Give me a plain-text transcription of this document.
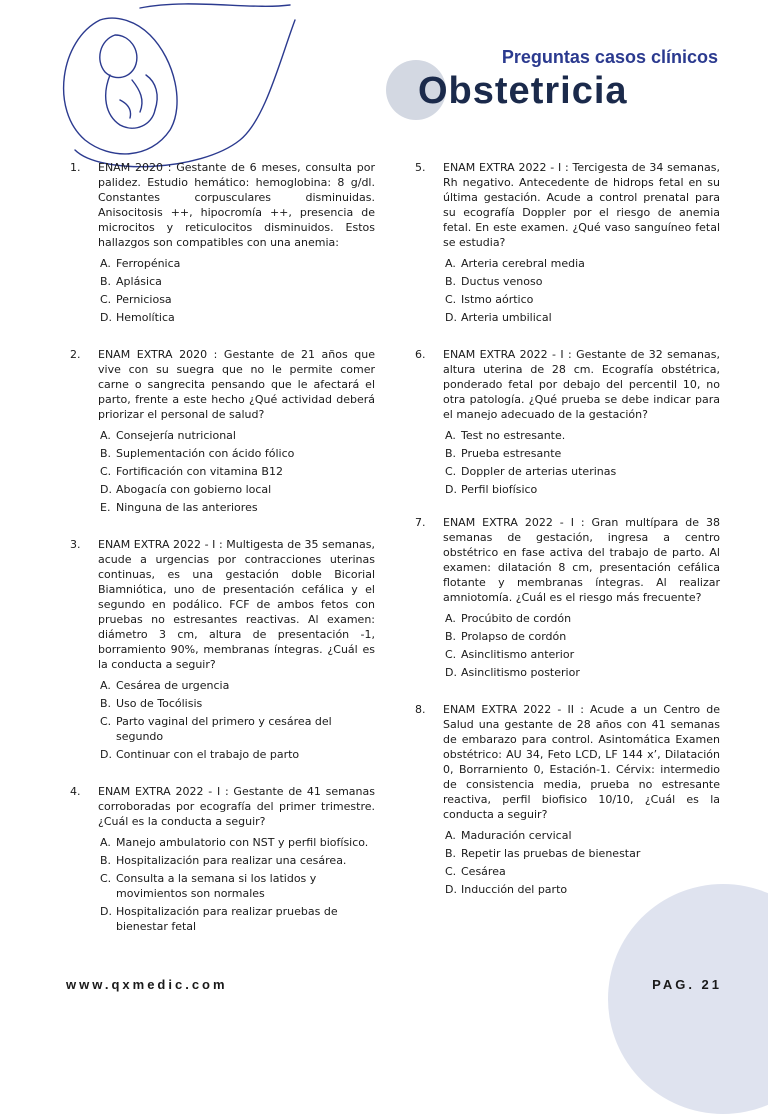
Preguntas casos clínicos
Obstetricia
1. ENAM 2020 : Gestante de 6 meses, consulta por palidez. Estudio hemático: hemoglobina: 8 g/dl. Constantes corpusculares disminuidas. Anisocitosis ++, hipocromía ++, presencia de microcitos y reticulocitos disminuidos. Estos hallazgos son compatibles con una anemia:
A. Ferropénica
B. Aplásica
C. Perniciosa
D. Hemolítica
2. ENAM EXTRA 2020 : Gestante de 21 años que vive con su suegra que no le permite comer carne o sangrecita pensando que le afectará el parto, frente a este hecho ¿Qué actividad deberá priorizar el personal de salud?
A. Consejería nutricional
B. Suplementación con ácido fólico
C. Fortificación con vitamina B12
D. Abogacía con gobierno local
E. Ninguna de las anteriores
3. ENAM EXTRA 2022 - I : Multigesta de 35 semanas, acude a urgencias por contracciones uterinas continuas, es una gestación doble Bicorial Biamniótica, uno de presentación cefálica y el segundo en podálico. FCF de ambos fetos con pruebas no estresantes reactivas. Al examen: diámetro 3 cm, altura de presentación -1, borramiento 90%, membranas íntegras. ¿Cuál es la conducta a seguir?
A. Cesárea de urgencia
B. Uso de Tocólisis
C. Parto vaginal del primero y cesárea del segundo
D. Continuar con el trabajo de parto
4. ENAM EXTRA 2022 - I : Gestante de 41 semanas corroboradas por ecografía del primer trimestre. ¿Cuál es la conducta a seguir?
A. Manejo ambulatorio con NST y perfil biofísico.
B. Hospitalización para realizar una cesárea.
C. Consulta a la semana si los latidos y movimientos son normales
D. Hospitalización para realizar pruebas de bienestar fetal
5. ENAM EXTRA 2022 - I : Tercigesta de 34 semanas, Rh negativo. Antecedente de hidrops fetal en su última gestación. Acude a control prenatal para su ecografía Doppler por el riesgo de anemia fetal. En este examen. ¿Qué vaso sanguíneo fetal se estudia?
A. Arteria cerebral media
B. Ductus venoso
C. Istmo aórtico
D. Arteria umbilical
6. ENAM EXTRA 2022 - I : Gestante de 32 semanas, altura uterina de 28 cm. Ecografía obstétrica, ponderado fetal por debajo del percentil 10, no otra patología. ¿Qué prueba se debe indicar para el manejo adecuado de la gestación?
A. Test no estresante.
B. Prueba estresante
C. Doppler de arterias uterinas
D. Perfil biofísico
7. ENAM EXTRA 2022 - I : Gran multípara de 38 semanas de gestación, ingresa a centro obstétrico en fase activa del trabajo de parto. Al examen: dilatación 8 cm, presentación cefálica flotante y membranas íntegras. Al realizar amniotomía. ¿Cuál es el riesgo más frecuente?
A. Procúbito de cordón
B. Prolapso de cordón
C. Asinclitismo anterior
D. Asinclitismo posterior
8. ENAM EXTRA 2022 - II : Acude a un Centro de Salud una gestante de 28 años con 41 semanas de embarazo para control. Asintomática Examen obstétrico: AU 34, Feto LCD, LF 144 x’, Dilatación 0, Borrarniento 0, Estación-1. Cérvix: intermedio de consistencia media, prueba no estresante reactiva, perfil biofisico 10/10, ¿Cuál es la conducta a seguir?
A. Maduración cervical
B. Repetir las pruebas de bienestar
C. Cesárea
D. Inducción del parto
www.qxmedic.com	PAG. 21
